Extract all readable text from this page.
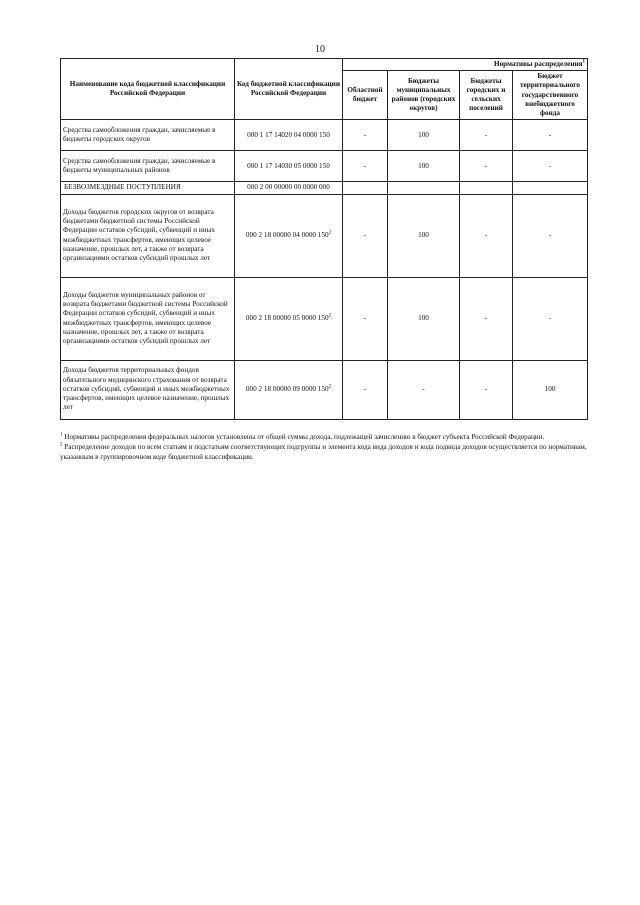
10
Наименование кода бюджетной классификации Российской Федерации	Код бюджетной классификации Российской Федерации	Нормативы распределения$^1$
		Областной бюджет	Бюджеты муниципальных районов (городских округов)	Бюджеты городских и сельских поселений	Бюджет территориального государственного внебюджетного фонда
Средства самообложения граждан, зачисляемые в бюджеты городских округов	000 1 17 14020 04 0000 150	-	100	-	-
Средства самообложения граждан, зачисляемые в бюджеты муниципальных районов	000 1 17 14030 05 0000 150	-	100	-	-
БЕЗВОЗМЕЗДНЫЕ ПОСТУПЛЕНИЯ	000 2 00 00000 00 0000 000				
Доходы бюджетов городских округов от возврата бюджетами бюджетной системы Российской Федерации остатков субсидий, субвенций и иных межбюджетных трансфертов, имеющих целевое назначение, прошлых лет, а также от возврата организациями остатков субсидий прошлых лет	000 2 18 00000 04 0000 $150^2$	-	100	-	-
Доходы бюджетов муниципальных районов от возврата бюджетами бюджетной системы Российской Федерации остатков субсидий, субвенций и иных межбюджетных трансфертов, имеющих целевое назначение, прошлых лет, а также от возврата организациями остатков субсидий прошлых лет	000 2 18 00000 05 0000 $150^2$	-	100	-	-
Доходы бюджетов территориальных фондов обязательного медицинского страхования от возврата остатков субсидий, субвенций и иных межбюджетных трансфертов, имеющих целевое назначение, прошлых лет	000 2 18 00000 09 0000 $150^2$	-	-	-	100

$^1$ Нормативы распределения федеральных налогов установлены от общей суммы дохода, подлежащей зачислению в бюджет субъекта Российской Федерации.

$^2$ Распределение доходов по всем статьям и подстатьям соответствующих подгруппы и элемента кода вида доходов и кода подвида доходов осуществляется по нормативам, указанным в группировочном коде бюджетной классификации.
